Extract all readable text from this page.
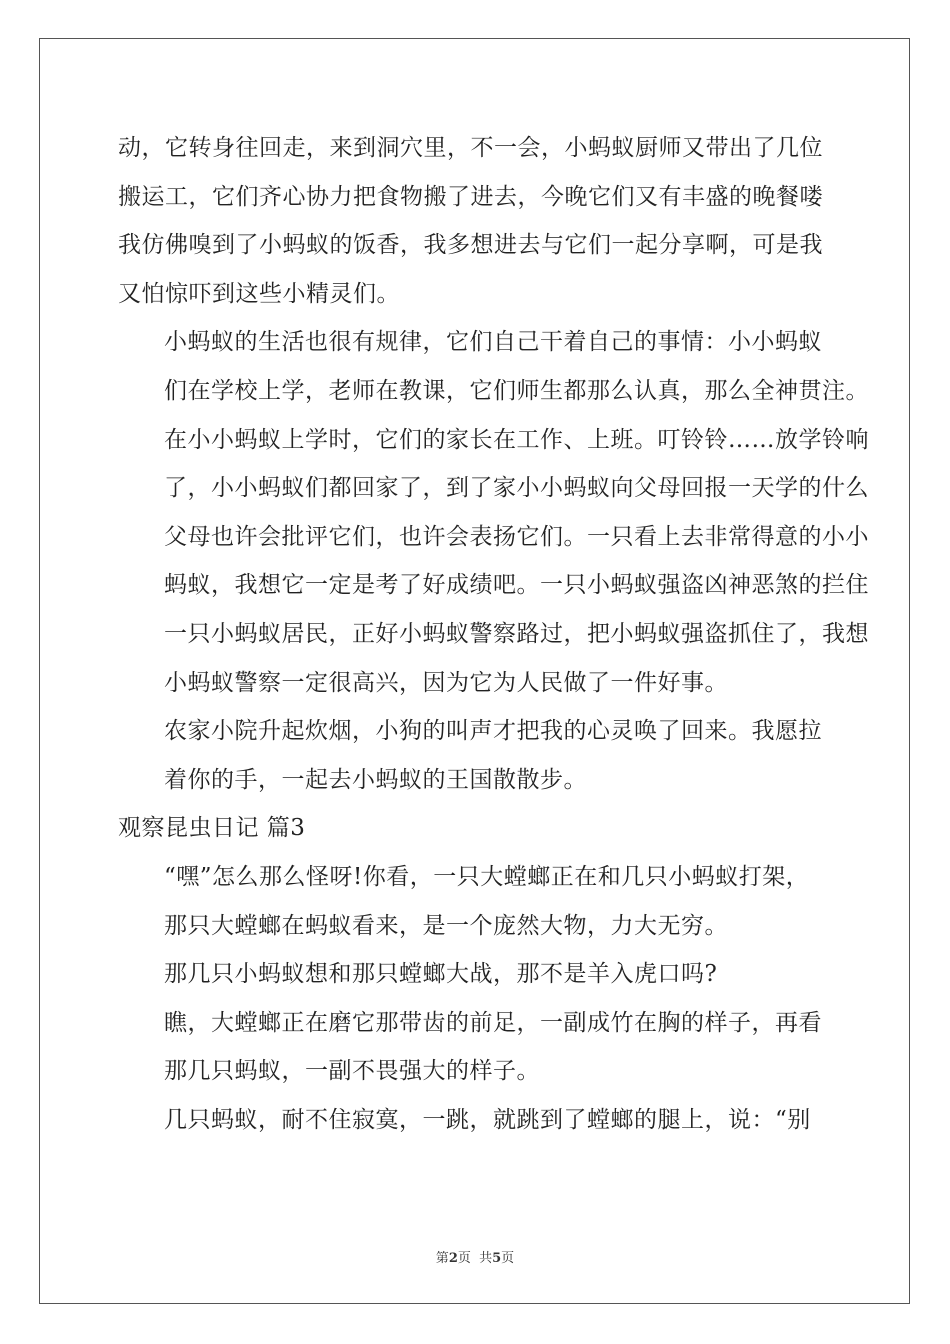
动，它转身往回走，来到洞穴里，不一会，小蚂蚁厨师又带出了几位
搬运工，它们齐心协力把食物搬了进去，今晚它们又有丰盛的晚餐喽
我仿佛嗅到了小蚂蚁的饭香，我多想进去与它们一起分享啊，可是我
又怕惊吓到这些小精灵们。

小蚂蚁的生活也很有规律，它们自己干着自己的事情：小小蚂蚁
们在学校上学，老师在教课，它们师生都那么认真，那么全神贯注。
在小小蚂蚁上学时，它们的家长在工作、上班。叮铃铃……放学铃响
了，小小蚂蚁们都回家了，到了家小小蚂蚁向父母回报一天学的什么
父母也许会批评它们，也许会表扬它们。一只看上去非常得意的小小
蚂蚁，我想它一定是考了好成绩吧。一只小蚂蚁强盗凶神恶煞的拦住
一只小蚂蚁居民，正好小蚂蚁警察路过，把小蚂蚁强盗抓住了，我想
小蚂蚁警察一定很高兴，因为它为人民做了一件好事。

农家小院升起炊烟，小狗的叫声才把我的心灵唤了回来。我愿拉
着你的手，一起去小蚂蚁的王国散散步。

观察昆虫日记 篇3

“嘿”怎么那么怪呀!你看，一只大螳螂正在和几只小蚂蚁打架，
那只大螳螂在蚂蚁看来，是一个庞然大物，力大无穷。

那几只小蚂蚁想和那只螳螂大战，那不是羊入虎口吗?

瞧，大螳螂正在磨它那带齿的前足，一副成竹在胸的样子，再看
那几只蚂蚁，一副不畏强大的样子。

几只蚂蚁，耐不住寂寞，一跳，就跳到了螳螂的腿上，说：“别

第2页  共5页
